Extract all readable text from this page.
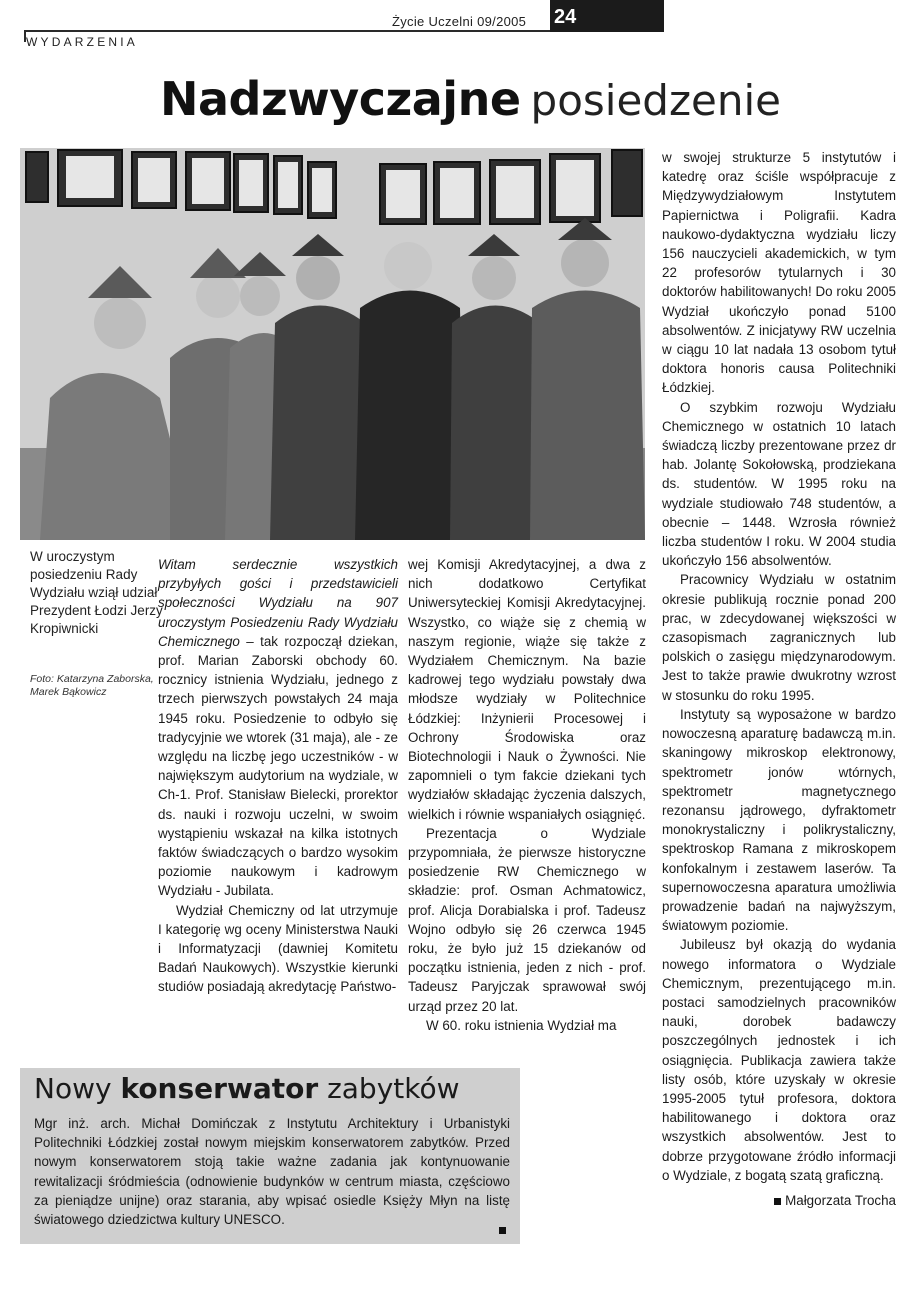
WYDARZENIA
Życie Uczelni 09/2005 24
Nadzwyczajne posiedzenie
W uroczystym posiedzeniu Rady Wydziału wziął udział Prezydent Łodzi Jerzy Kropiwnicki
Foto: Katarzyna Zaborska, Marek Bąkowicz

Witam serdecznie wszystkich przybyłych gości i przedstawicieli społeczności Wydziału na 907 uroczystym Posiedzeniu Rady Wydziału Chemicznego – tak rozpoczął dziekan, prof. Marian Zaborski obchody 60. rocznicy istnienia Wydziału, jednego z trzech pierwszych powstałych 24 maja 1945 roku. Posiedzenie to odbyło się tradycyjnie we wtorek (31 maja), ale - ze względu na liczbę jego uczestników - w największym audytorium na wydziale, w Ch-1. Prof. Stanisław Bielecki, prorektor ds. nauki i rozwoju uczelni, w swoim wystąpieniu wskazał na kilka istotnych faktów świadczących o bardzo wysokim poziomie naukowym i kadrowym Wydziału - Jubilata.

Wydział Chemiczny od lat utrzymuje I kategorię wg oceny Ministerstwa Nauki i Informatyzacji (dawniej Komitetu Badań Naukowych). Wszystkie kierunki studiów posiadają akredytację Państwo-

wej Komisji Akredytacyjnej, a dwa z nich dodatkowo Certyfikat Uniwersyteckiej Komisji Akredytacyjnej. Wszystko, co wiąże się z chemią w naszym regionie, wiąże się także z Wydziałem Chemicznym. Na bazie kadrowej tego wydziału powstały dwa młodsze wydziały w Politechnice Łódzkiej: Inżynierii Procesowej i Ochrony Środowiska oraz Biotechnologii i Nauk o Żywności. Nie zapomnieli o tym fakcie dziekani tych wydziałów składając życzenia dalszych, wielkich i równie wspaniałych osiągnięć.

Prezentacja o Wydziale przypomniała, że pierwsze historyczne posiedzenie RW Chemicznego w składzie: prof. Osman Achmatowicz, prof. Alicja Dorabialska i prof. Tadeusz Wojno odbyło się 26 czerwca 1945 roku, że było już 15 dziekanów od początku istnienia, jeden z nich - prof. Tadeusz Paryjczak sprawował swój urząd przez 20 lat.

W 60. roku istnienia Wydział ma

w swojej strukturze 5 instytutów i katedrę oraz ściśle współpracuje z Międzywydziałowym Instytutem Papiernictwa i Poligrafii. Kadra naukowo-dydaktyczna wydziału liczy 156 nauczycieli akademickich, w tym 22 profesorów tytularnych i 30 doktorów habilitowanych! Do roku 2005 Wydział ukończyło ponad 5100 absolwentów. Z inicjatywy RW uczelnia w ciągu 10 lat nadała 13 osobom tytuł doktora honoris causa Politechniki Łódzkiej.

O szybkim rozwoju Wydziału Chemicznego w ostatnich 10 latach świadczą liczby prezentowane przez dr hab. Jolantę Sokołowską, prodziekana ds. studentów. W 1995 roku na wydziale studiowało 748 studentów, a obecnie – 1448. Wzrosła również liczba studentów I roku. W 2004 studia ukończyło 156 absolwentów.

Pracownicy Wydziału w ostatnim okresie publikują rocznie ponad 200 prac, w zdecydowanej większości w czasopismach zagranicznych lub polskich o zasięgu międzynarodowym. Jest to także prawie dwukrotny wzrost w stosunku do roku 1995.

Instytuty są wyposażone w bardzo nowoczesną aparaturę badawczą m.in. skaningowy mikroskop elektronowy, spektrometr jonów wtórnych, spektrometr magnetycznego rezonansu jądrowego, dyfraktometr monokrystaliczny i polikrystaliczny, spektroskop Ramana z mikroskopem konfokalnym i zestawem laserów. Ta supernowoczesna aparatura umożliwia prowadzenie badań na najwyższym, światowym poziomie.

Jubileusz był okazją do wydania nowego informatora o Wydziale Chemicznym, prezentującego m.in. postaci samodzielnych pracowników nauki, dorobek badawczy poszczególnych jednostek i ich osiągnięcia. Publikacja zawiera także listy osób, które uzyskały w okresie 1995-2005 tytuł profesora, doktora habilitowanego i doktora oraz wszystkich absolwentów. Jest to dobrze przygotowane źródło informacji o Wydziale, z bogatą szatą graficzną.

Małgorzata Trocha
Nowy konserwator zabytków
Mgr inż. arch. Michał Domińczak z Instytutu Architektury i Urbanistyki Politechniki Łódzkiej został nowym miejskim konserwatorem zabytków. Przed nowym konserwatorem stoją takie ważne zadania jak kontynuowanie rewitalizacji śródmieścia (odnowienie budynków w centrum miasta, częściowo za pieniądze unijne) oraz starania, aby wpisać osiedle Księży Młyn na listę światowego dziedzictwa kultury UNESCO.
